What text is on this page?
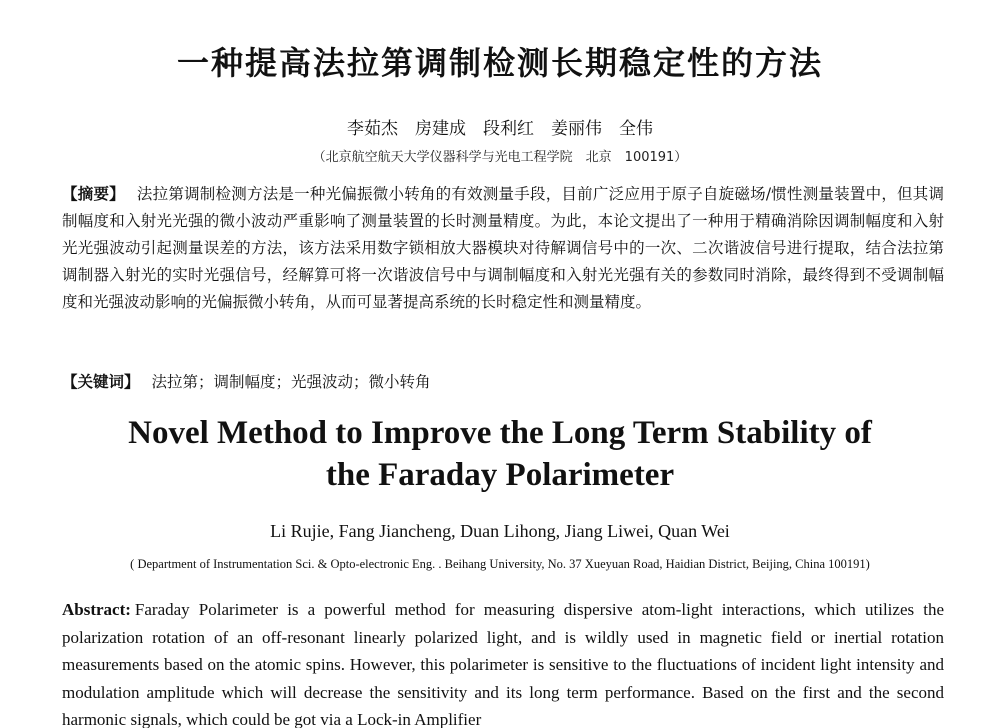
一种提高法拉第调制检测长期稳定性的方法
李茹杰　房建成　段利红　姜丽伟　全伟
（北京航空航天大学仪器科学与光电工程学院　北京　100191）
【摘要】 法拉第调制检测方法是一种光偏振微小转角的有效测量手段，目前广泛应用于原子自旋磁场/惯性测量装置中，但其调制幅度和入射光光强的微小波动严重影响了测量装置的长时测量精度。为此，本论文提出了一种用于精确消除因调制幅度和入射光光强波动引起测量误差的方法，该方法采用数字锁相放大器模块对待解调信号中的一次、二次谐波信号进行提取，结合法拉第调制器入射光的实时光强信号，经解算可将一次谐波信号中与调制幅度和入射光光强有关的参数同时消除，最终得到不受调制幅度和光强波动影响的光偏振微小转角，从而可显著提高系统的长时稳定性和测量精度。
【关键词】 法拉第；调制幅度；光强波动；微小转角
Novel Method to Improve the Long Term Stability of
the Faraday Polarimeter
Li Rujie, Fang Jiancheng, Duan Lihong, Jiang Liwei, Quan Wei
( Department of Instrumentation Sci. & Opto-electronic Eng. . Beihang University, No. 37 Xueyuan Road, Haidian District, Beijing, China 100191)
Abstract: Faraday Polarimeter is a powerful method for measuring dispersive atom-light interactions, which utilizes the polarization rotation of an off-resonant linearly polarized light, and is wildly used in magnetic field or inertial rotation measurements based on the atomic spins. However, this polarimeter is sensitive to the fluctuations of incident light intensity and modulation amplitude which will decrease the sensitivity and its long term performance. Based on the first and the second harmonic signals, which could be got via a Lock-in Amplifier
